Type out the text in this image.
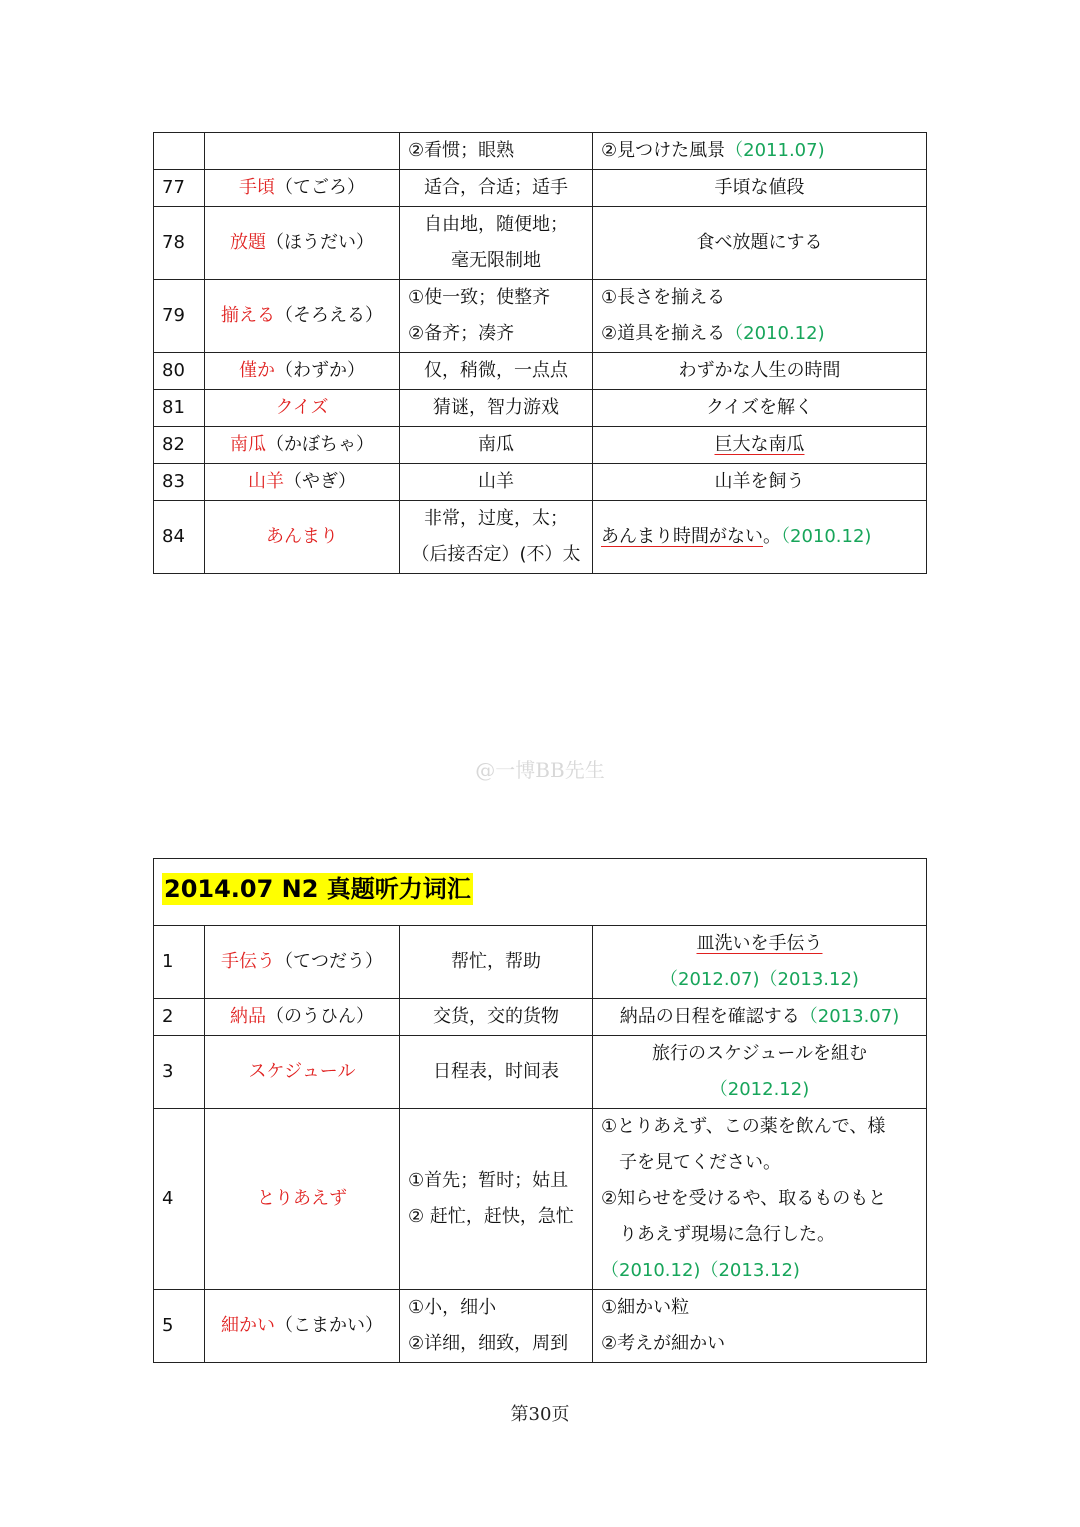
		②看惯；眼熟	②見つけた風景（2011.07)
77	手頃（てごろ）	适合，合适；适手	手頃な値段
78	放題（ほうだい）	自由地，随便地；
毫无限制地	食べ放題にする
79	揃える（そろえる）	①使一致；使整齐
②备齐；凑齐	①長さを揃える
②道具を揃える（2010.12)

80	僅か（わずか）	仅，稍微，一点点	わずかな人生の時間
81	クイズ	猜谜，智力游戏	クイズを解く
82	南瓜（かぼちゃ）	南瓜	巨大な南瓜
83	山羊（やぎ）	山羊	山羊を飼う
84	あんまり	非常，过度，太；
（后接否定）(不）太	あんまり時間がない。（2010.12)
@一博BB先生
2014.07 N2 真题听力词汇			
1	手伝う（てつだう）	帮忙，帮助	皿洗いを手伝う
（2012.07)（2013.12)

2	納品（のうひん）	交货，交的货物	納品の日程を確認する（2013.07)
3	スケジュール	日程表，时间表	旅行のスケジュールを組む
（2012.12)

4	とりあえず	①首先；暂时；姑且
② 赶忙，赶快，急忙	①とりあえず、この薬を飲んで、様
子を見てください。
②知らせを受けるや、取るものもと
りあえず現場に急行した。
（2010.12)（2013.12)

5	細かい（こまかい）	①小，细小
②详细，细致，周到	①細かい粒
②考えが細かい
第30页
